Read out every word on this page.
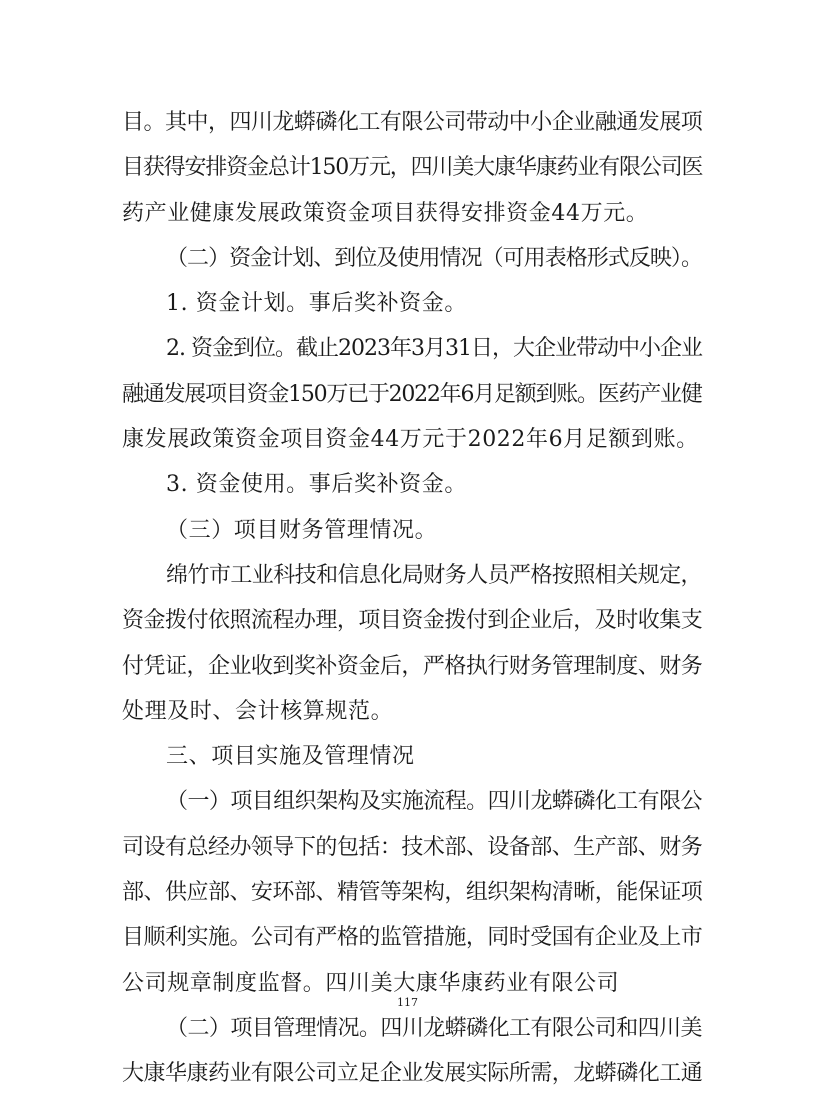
目。其中，四川龙蟒磷化工有限公司带动中小企业融通发展项
目获得安排资金总计150万元，四川美大康华康药业有限公司医
药产业健康发展政策资金项目获得安排资金44万元。
（二）资金计划、到位及使用情况（可用表格形式反映）。
1. 资金计划。事后奖补资金。
2. 资金到位。截止2023年3月31日，大企业带动中小企业
融通发展项目资金150万已于2022年6月足额到账。医药产业健
康发展政策资金项目资金44万元于2022年6月足额到账。
3. 资金使用。事后奖补资金。
（三）项目财务管理情况。
绵竹市工业科技和信息化局财务人员严格按照相关规定，
资金拨付依照流程办理，项目资金拨付到企业后，及时收集支
付凭证，企业收到奖补资金后，严格执行财务管理制度、财务
处理及时、会计核算规范。
三、项目实施及管理情况
（一）项目组织架构及实施流程。四川龙蟒磷化工有限公
司设有总经办领导下的包括：技术部、设备部、生产部、财务
部、供应部、安环部、精管等架构，组织架构清晰，能保证项
目顺利实施。公司有严格的监管措施，同时受国有企业及上市
公司规章制度监督。四川美大康华康药业有限公司
（二）项目管理情况。四川龙蟒磷化工有限公司和四川美
大康华康药业有限公司立足企业发展实际所需，龙蟒磷化工通
117
